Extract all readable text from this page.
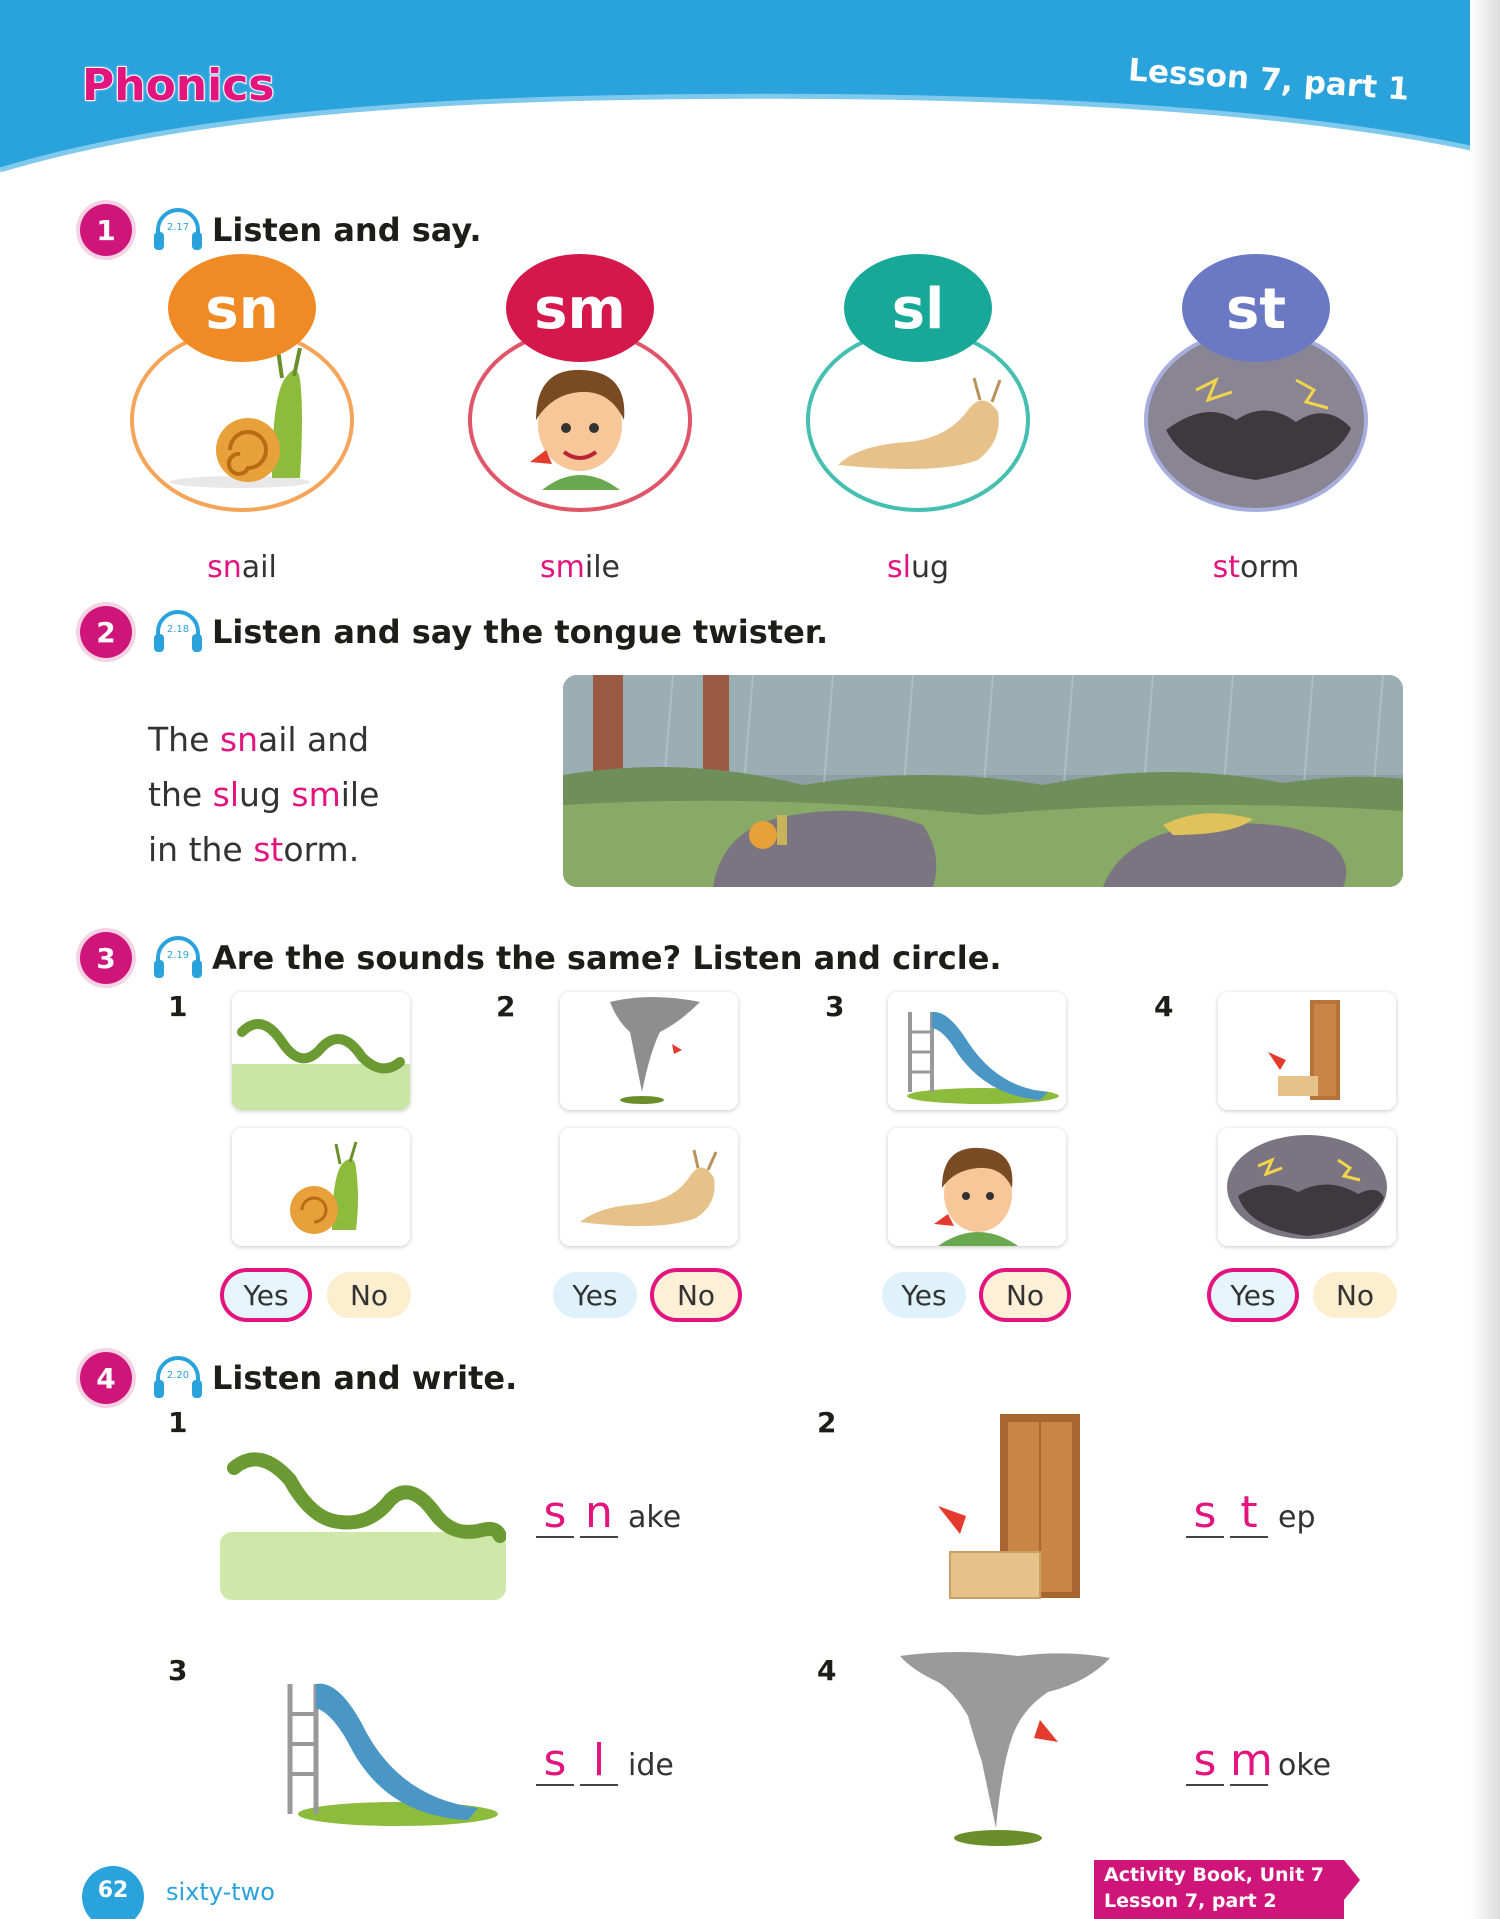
Phonics	Lesson 7, part 1
1	2.17 Listen and say.
sn
snail
sm
smile
sl
slug
st
storm
2	2.18 Listen and say the tongue twister.
The snail and
the slug smile
in the storm.
3	2.19 Are the sounds the same? Listen and circle.
1
Yes	No
2
Yes	No
3
Yes	No
4
Yes	No
4	2.20 Listen and write.
1
s n ake
2
s t ep
3
s l ide
4
s m oke
62	sixty-two
Activity Book, Unit 7
Lesson 7, part 2
